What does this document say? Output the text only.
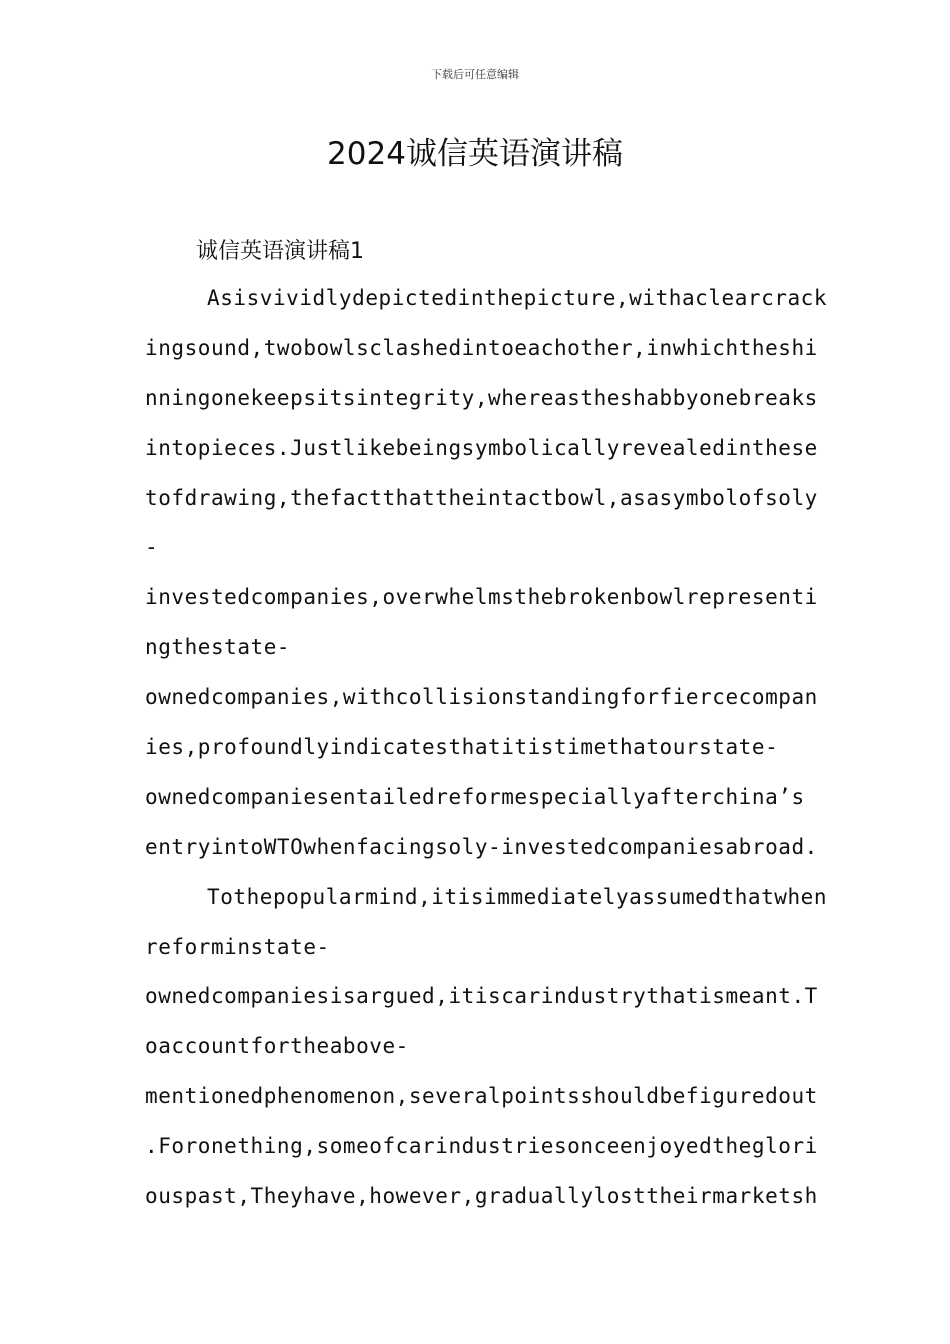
下载后可任意编辑
2024诚信英语演讲稿
诚信英语演讲稿1
Asisvividlydepictedinthepicture,withaclearcrack
ingsound,twobowlsclashedintoeachother,inwhichtheshi
nningonekeepsitsintegrity,whereastheshabbyonebreaks
intopieces.Justlikebeingsymbolicallyrevealedinthese
tofdrawing,thefactthattheintactbowl,asasymbolofsoly
-
investedcompanies,overwhelmsthebrokenbowlrepresenti
ngthestate-
ownedcompanies,withcollisionstandingforfiercecompan
ies,profoundlyindicatesthatitistimethatourstate-
ownedcompaniesentailedreformespeciallyafterchina’s
entryintoWTOwhenfacingsoly-investedcompaniesabroad.
Tothepopularmind,itisimmediatelyassumedthatwhen
reforminstate-
ownedcompaniesisargued,itiscarindustrythatismeant.T
oaccountfortheabove-
mentionedphenomenon,severalpointsshouldbefiguredout
.Foronething,someofcarindustriesonceenjoyedtheglori
ouspast,Theyhave,however,graduallylosttheirmarketsh
